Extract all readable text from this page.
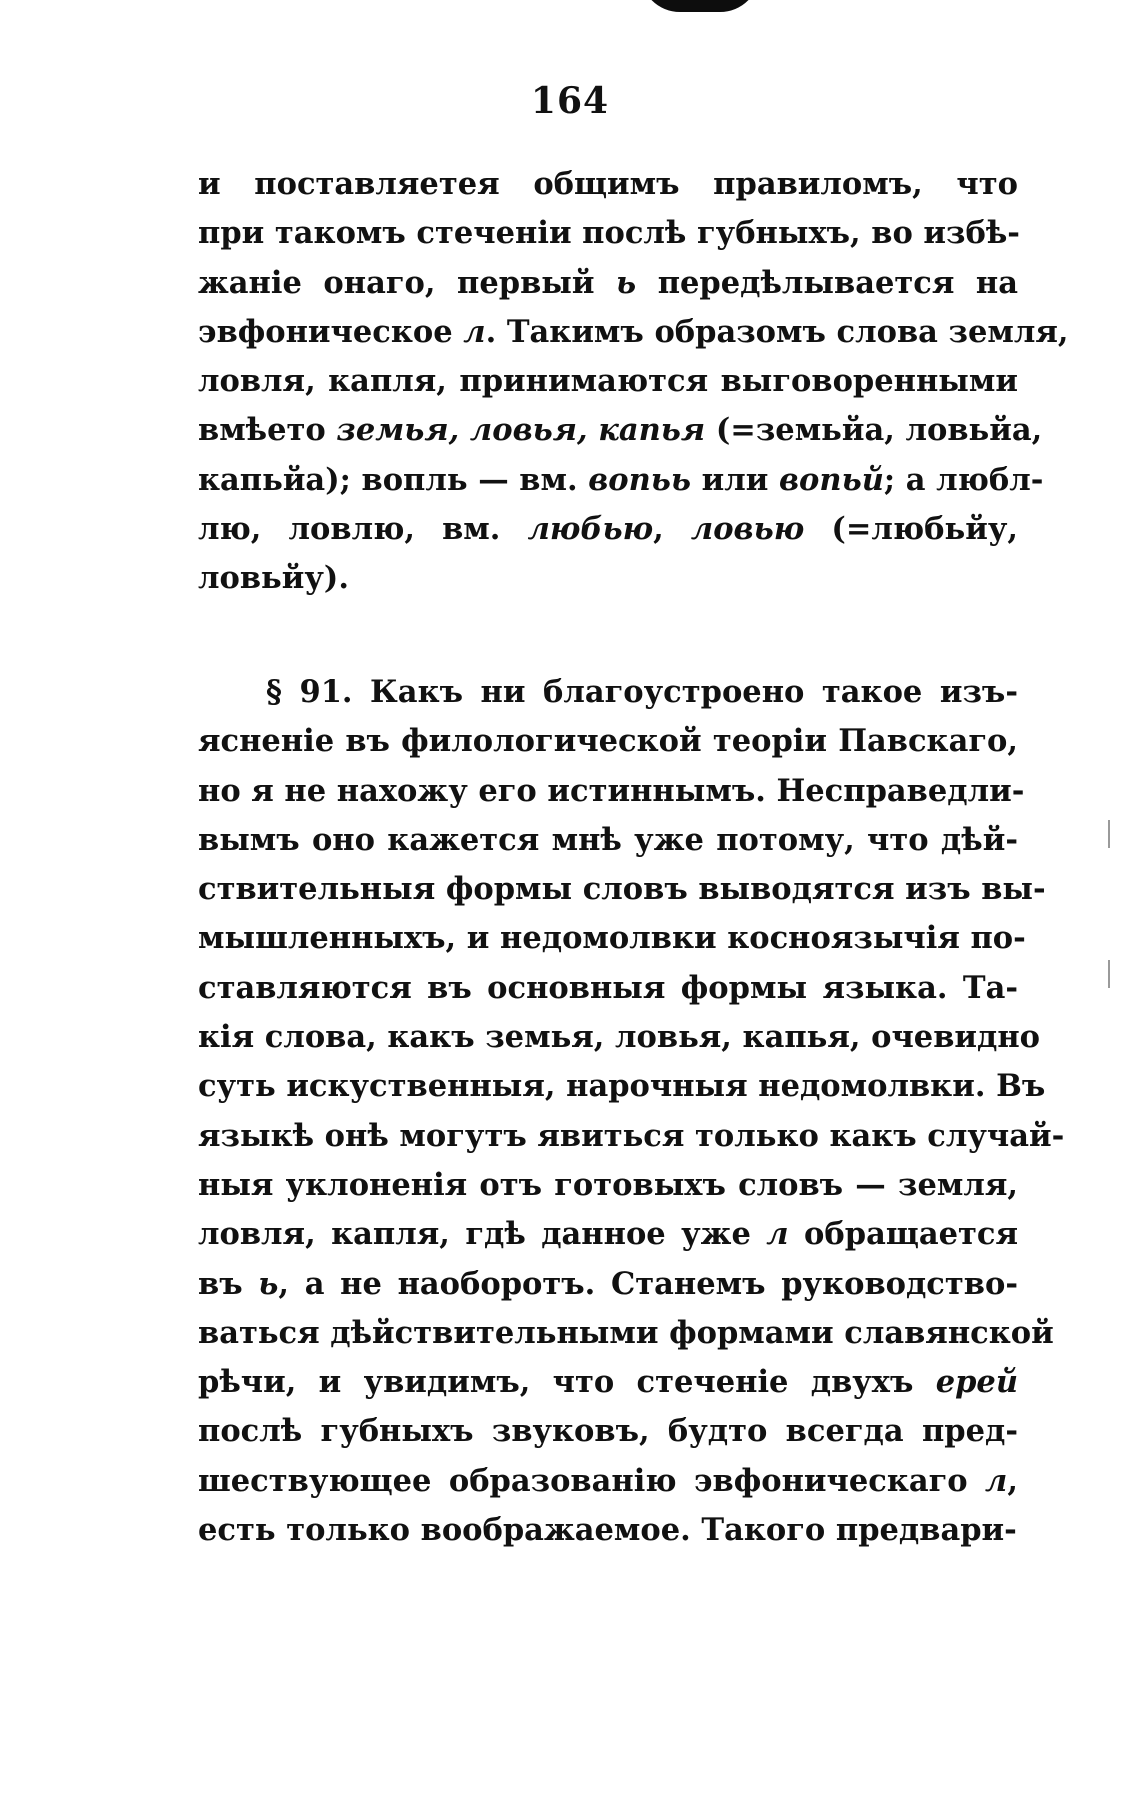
164
и поставляетея общимъ правиломъ, что
при такомъ стеченіи послѣ губныхъ, во избѣ-
жаніе онаго, первый ь передѣлывается на
эвфоническое л. Такимъ образомъ слова земля,
ловля, капля, принимаются выговоренными
вмѣето земья, ловья, капья (=земьйа, ловьйа,
капьйа); вопль — вм. вопьь или вопьй; а любл-
лю, ловлю, вм. любью, ловью (=любьйу,
ловьйу).
§ 91. Какъ ни благоустроено такое изъ-
ясненіе въ филологической теоріи Павскаго,
но я не нахожу его истиннымъ. Несправедли-
вымъ оно кажется мнѣ уже потому, что дѣй-
ствительныя формы словъ выводятся изъ вы-
мышленныхъ, и недомолвки косноязычія по-
ставляются въ основныя формы языка. Та-
кія слова, какъ земья, ловья, капья, очевидно
суть искуственныя, нарочныя недомолвки. Въ
языкѣ онѣ могутъ явиться только какъ случай-
ныя уклоненія отъ готовыхъ словъ — земля,
ловля, капля, гдѣ данное уже л обращается
въ ь, а не наоборотъ. Станемъ руководство-
ваться дѣйствительными формами славянской
рѣчи, и увидимъ, что стеченіе двухъ ерей
послѣ губныхъ звуковъ, будто всегда пред-
шествующее образованію эвфоническаго л,
есть только воображаемое. Такого предвари-
